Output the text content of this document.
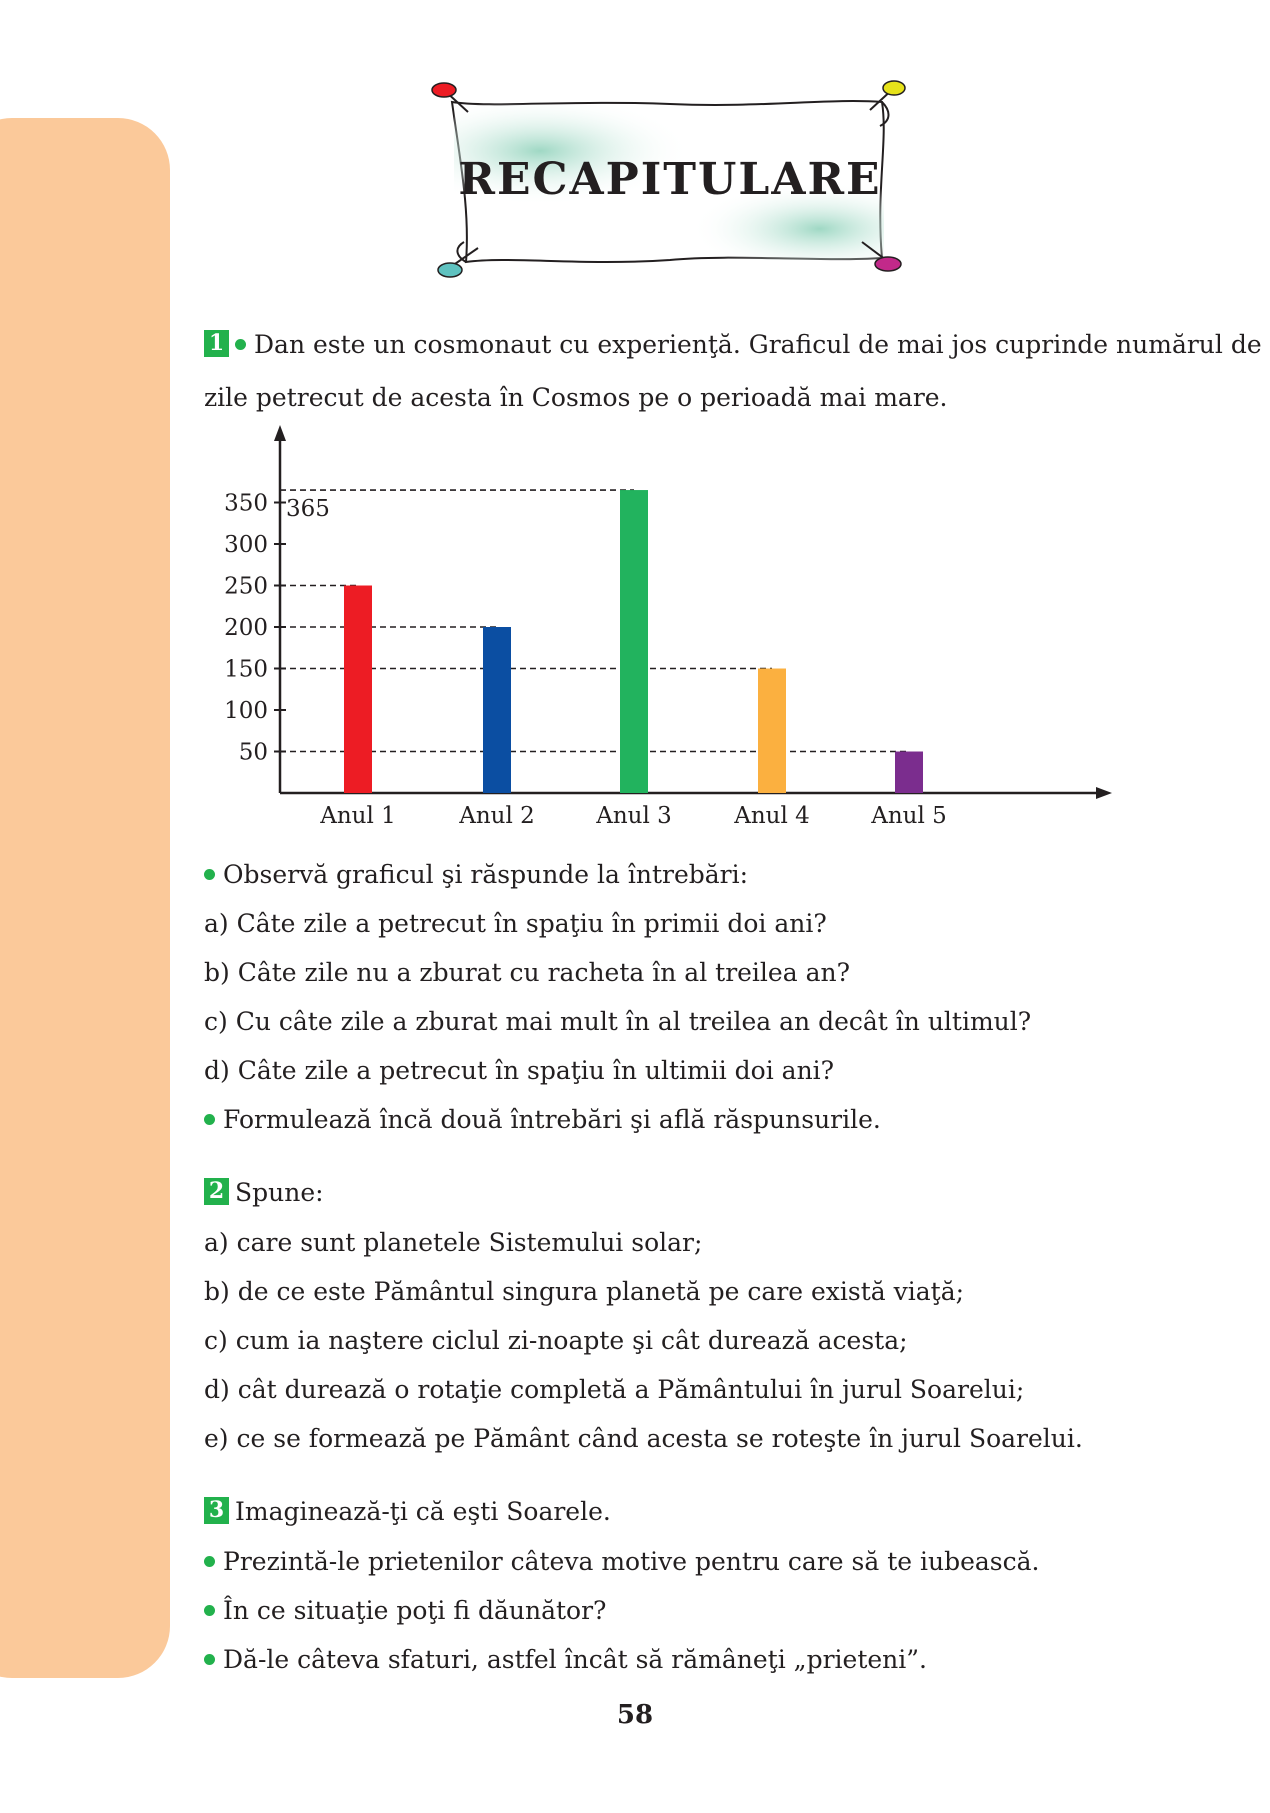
RECAPITULARE
1 Dan este un cosmonaut cu experienţă. Graficul de mai jos cuprinde numărul de
zile petrecut de acesta în Cosmos pe o perioadă mai mare.
50
100
150
200
250
300
350
Anul 1	Anul 2	Anul 3	Anul 4	Anul 5
365
Observă graficul şi răspunde la întrebări:
a) Câte zile a petrecut în spaţiu în primii doi ani?
b) Câte zile nu a zburat cu racheta în al treilea an?
c) Cu câte zile a zburat mai mult în al treilea an decât în ultimul?
d) Câte zile a petrecut în spaţiu în ultimii doi ani?
Formulează încă două întrebări şi află răspunsurile.
2 Spune:
a) care sunt planetele Sistemului solar;
b) de ce este Pământul singura planetă pe care există viaţă;
c) cum ia naştere ciclul zi-noapte şi cât durează acesta;
d) cât durează o rotaţie completă a Pământului în jurul Soarelui;
e) ce se formează pe Pământ când acesta se roteşte în jurul Soarelui.
3 Imaginează-ţi că eşti Soarele.
Prezintă-le prietenilor câteva motive pentru care să te iubească.
În ce situaţie poţi fi dăunător?
Dă-le câteva sfaturi, astfel încât să rămâneţi „prieteni”.
58
